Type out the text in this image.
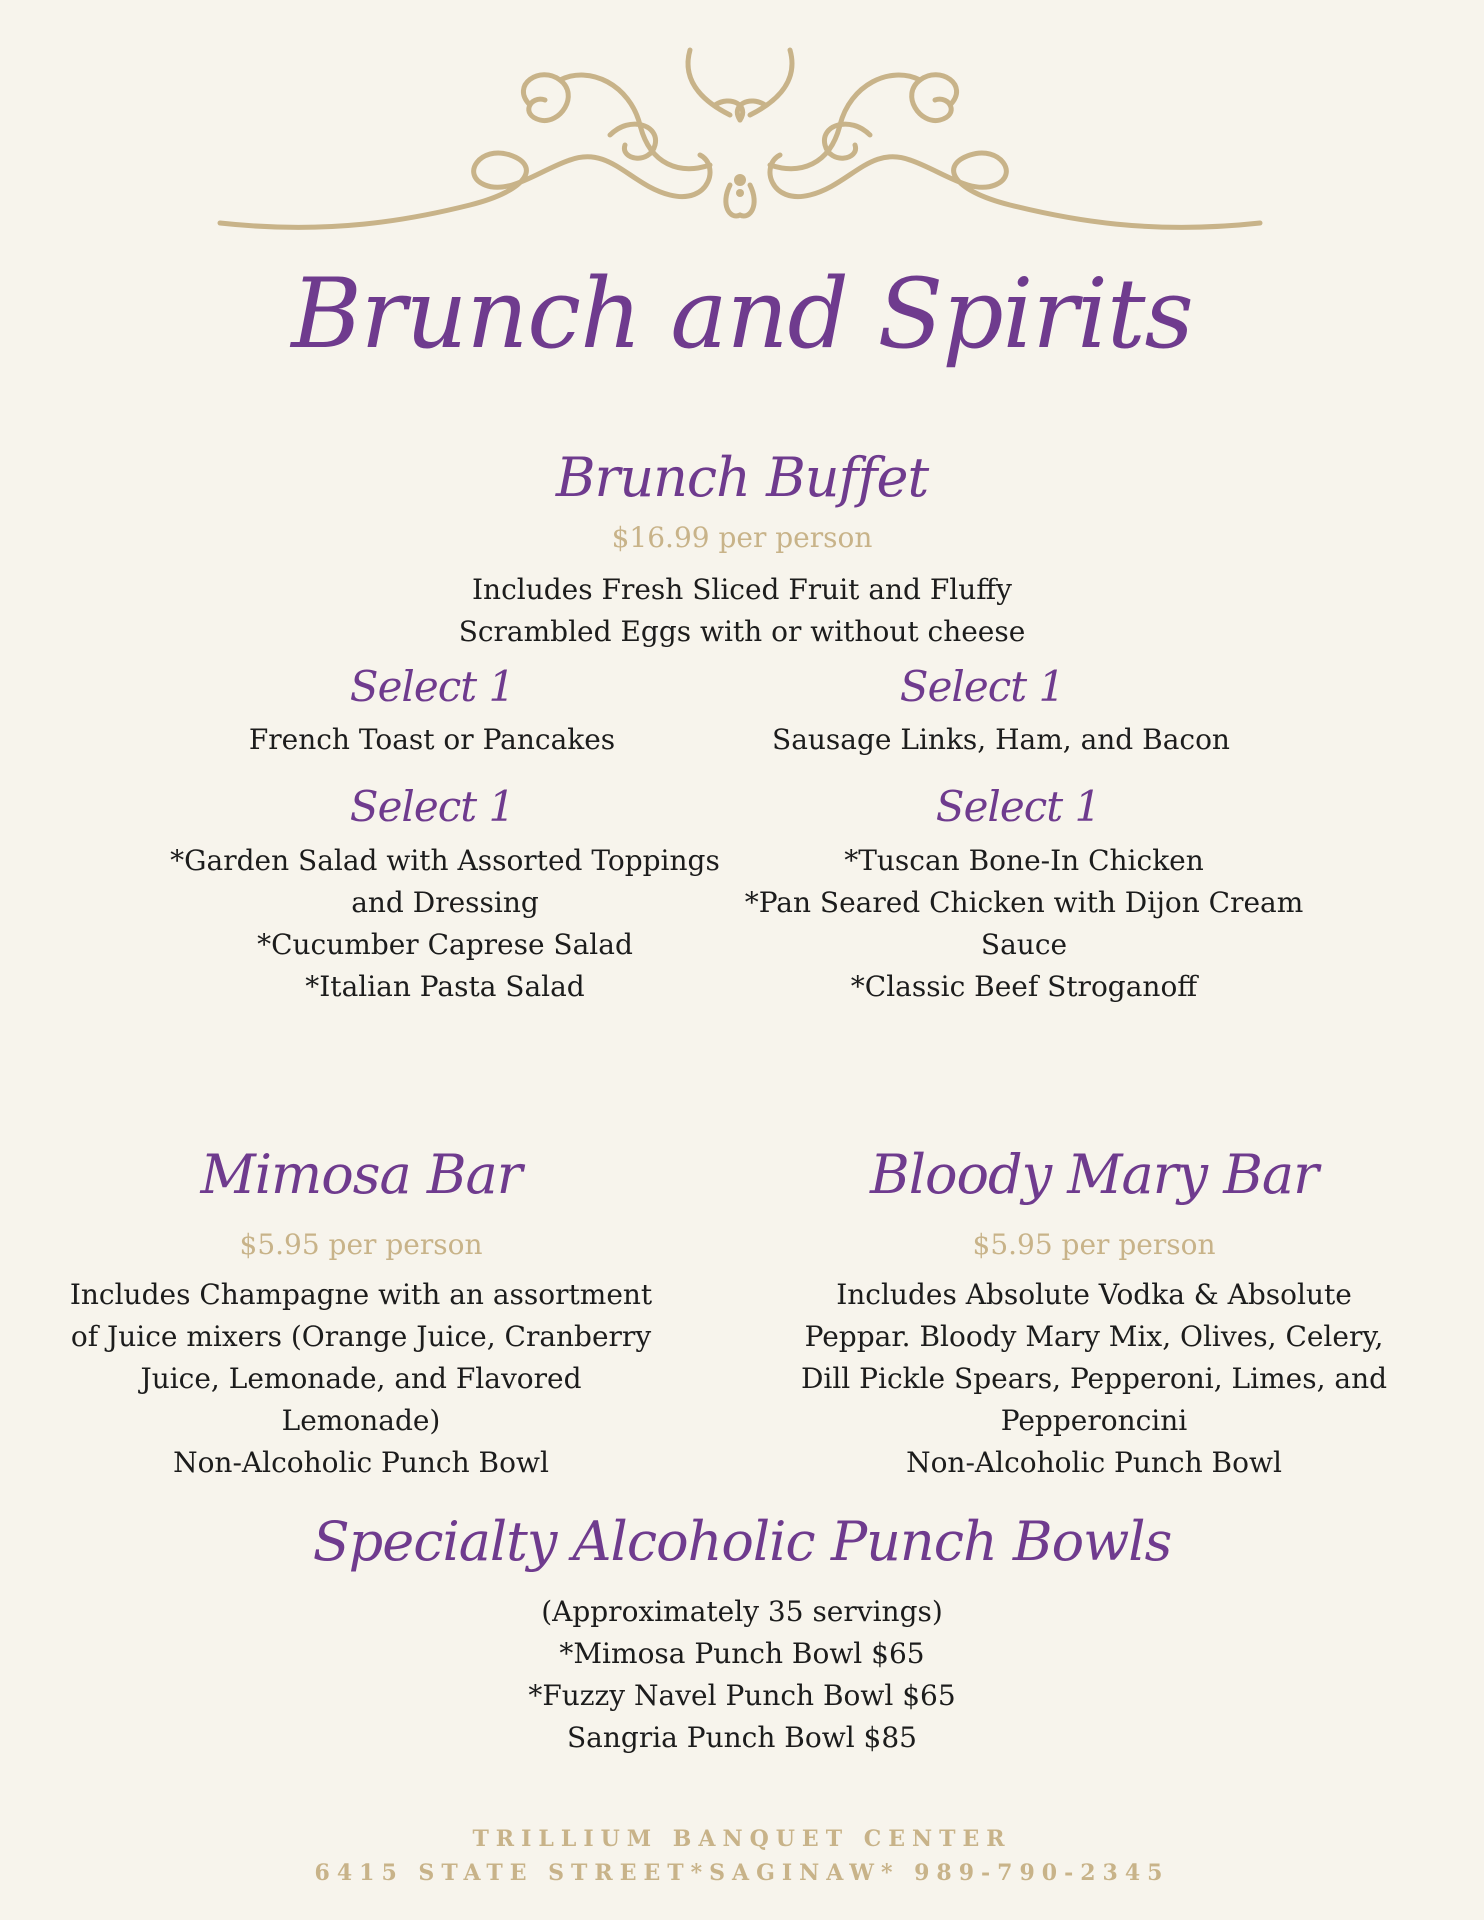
Brunch and Spirits
Brunch Buffet
$16.99 per person
Includes Fresh Sliced Fruit and Fluffy
Scrambled Eggs with or without cheese
Select 1
French Toast or Pancakes
Select 1
Sausage Links, Ham, and Bacon
Select 1
*Garden Salad with Assorted Toppings
and Dressing
*Cucumber Caprese Salad
*Italian Pasta Salad
Select 1
*Tuscan Bone-In Chicken
*Pan Seared Chicken with Dijon Cream
Sauce
*Classic Beef Stroganoff
Mimosa Bar
$5.95 per person
Includes Champagne with an assortment
of Juice mixers (Orange Juice, Cranberry
Juice, Lemonade, and Flavored
Lemonade)
Non-Alcoholic Punch Bowl
Bloody Mary Bar
$5.95 per person
Includes Absolute Vodka & Absolute
Peppar. Bloody Mary Mix, Olives, Celery,
Dill Pickle Spears, Pepperoni, Limes, and
Pepperoncini
Non-Alcoholic Punch Bowl
Specialty Alcoholic Punch Bowls
(Approximately 35 servings)
*Mimosa Punch Bowl $65
*Fuzzy Navel Punch Bowl $65
Sangria Punch Bowl $85
TRILLIUM BANQUET CENTER
6415 STATE STREET*SAGINAW* 989-790-2345
